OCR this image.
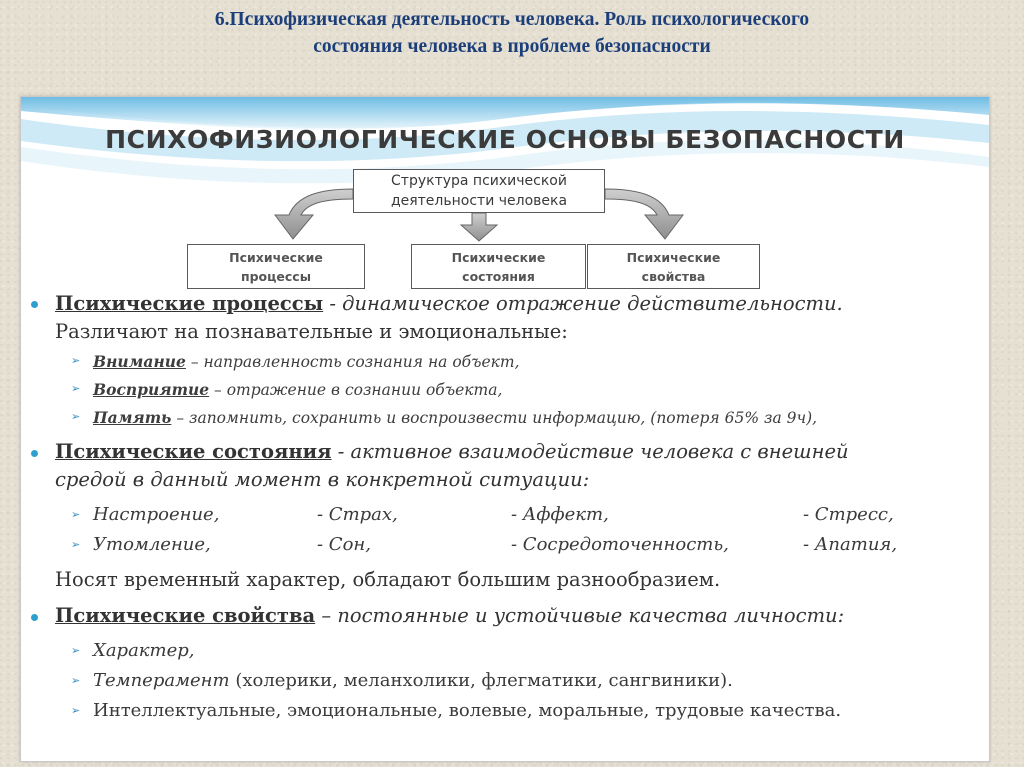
6.Психофизическая деятельность человека. Роль психологического
состояния человека в проблеме безопасности
ПСИХОФИЗИОЛОГИЧЕСКИЕ ОСНОВЫ БЕЗОПАСНОСТИ
Структура психической
деятельности человека
Психические
процессы
Психические
состояния
Психические
свойства
Психические процессы - динамическое отражение действительности.
Различают на познавательные и эмоциональные:
➢ Внимание – направленность сознания на объект,
➢ Восприятие – отражение в сознании объекта,
➢ Память – запомнить, сохранить и воспроизвести информацию, (потеря 65% за 9ч),
Психические состояния - активное взаимодействие человека с внешней
средой в данный момент в конкретной ситуации:
➢ Настроение,	- Страх,	- Аффект,	- Стресс,
➢ Утомление,	- Сон,	- Сосредоточенность,	- Апатия,
Носят временный характер, обладают большим разнообразием.
Психические свойства – постоянные и устойчивые качества личности:
➢ Характер,
➢ Темперамент (холерики, меланхолики, флегматики, сангвиники).
➢ Интеллектуальные, эмоциональные, волевые, моральные, трудовые качества.
